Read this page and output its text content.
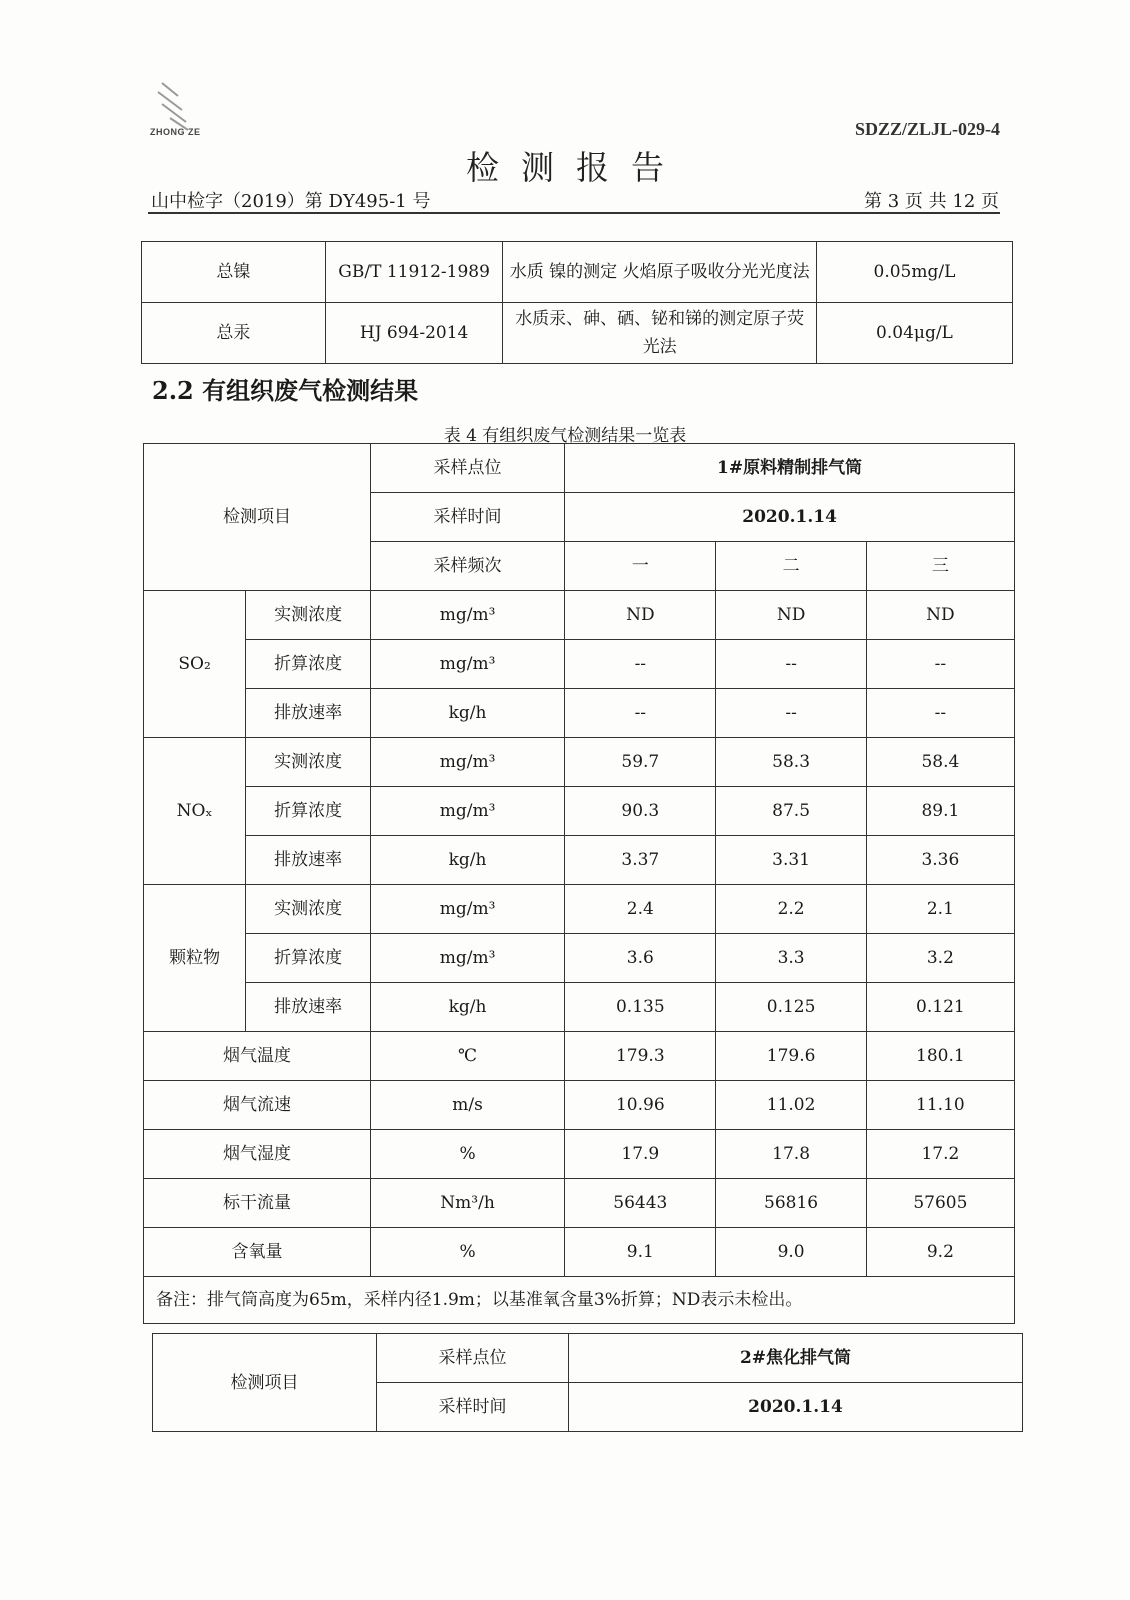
ZHONG ZE	SDZZ/ZLJL-029-4
检测报告
山中检字（2019）第 DY495-1 号	第 3 页 共 12 页
总镍	GB/T 11912-1989	水质 镍的测定 火焰原子吸收分光光度法	0.05mg/L
总汞	HJ 694-2014	水质汞、砷、硒、铋和锑的测定原子荧光法	0.04μg/L
2.2 有组织废气检测结果
表 4 有组织废气检测结果一览表
检测项目		采样点位	1#原料精制排气筒		
		采样时间	2020.1.14		
		采样频次	一	二	三
SO₂	实测浓度	mg/m³	ND	ND	ND
	折算浓度	mg/m³	--	--	--
	排放速率	kg/h	--	--	--
NOₓ	实测浓度	mg/m³	59.7	58.3	58.4
	折算浓度	mg/m³	90.3	87.5	89.1
	排放速率	kg/h	3.37	3.31	3.36
颗粒物	实测浓度	mg/m³	2.4	2.2	2.1
	折算浓度	mg/m³	3.6	3.3	3.2
	排放速率	kg/h	0.135	0.125	0.121
烟气温度		℃	179.3	179.6	180.1
烟气流速		m/s	10.96	11.02	11.10
烟气湿度		%	17.9	17.8	17.2
标干流量		Nm³/h	56443	56816	57605
含氧量		%	9.1	9.0	9.2
备注：排气筒高度为65m，采样内径1.9m；以基准氧含量3%折算；ND表示未检出。					
检测项目	采样点位	2#焦化排气筒
	采样时间	2020.1.14
